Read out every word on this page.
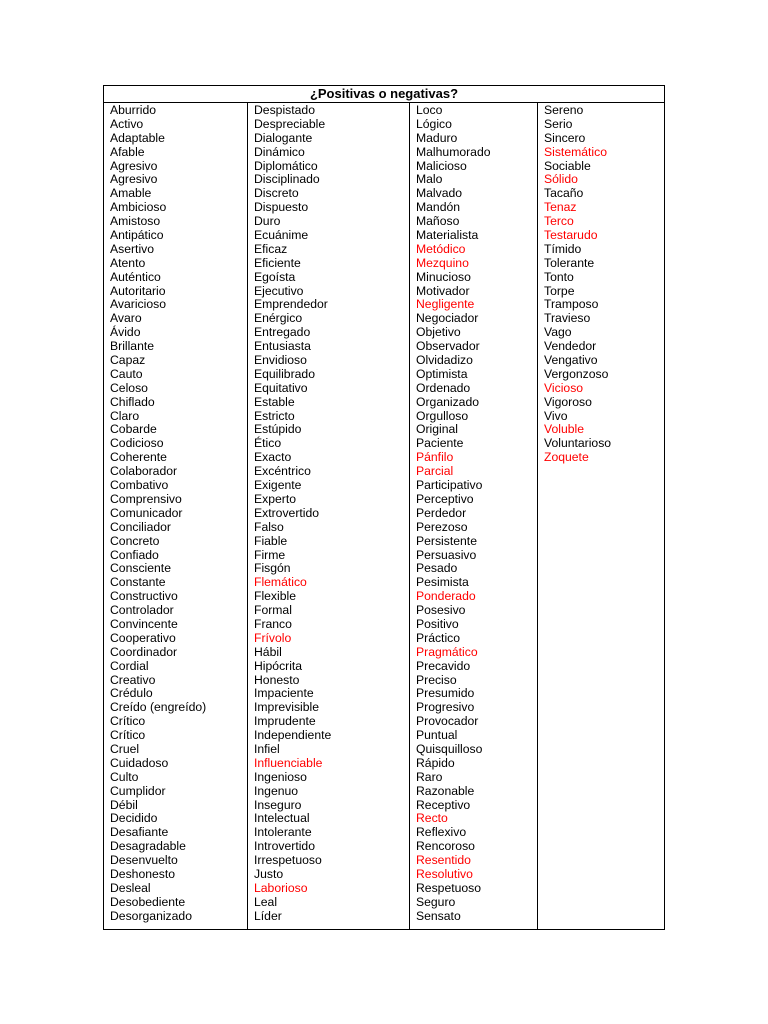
¿Positivas o negativas?
Aburrido
Activo
Adaptable
Afable
Agresivo
Agresivo
Amable
Ambicioso
Amistoso
Antipático
Asertivo
Atento
Auténtico
Autoritario
Avaricioso
Avaro
Ávido
Brillante
Capaz
Cauto
Celoso
Chiflado
Claro
Cobarde
Codicioso
Coherente
Colaborador
Combativo
Comprensivo
Comunicador
Conciliador
Concreto
Confiado
Consciente
Constante
Constructivo
Controlador
Convincente
Cooperativo
Coordinador
Cordial
Creativo
Crédulo
Creído (engreído)
Crítico
Crítico
Cruel
Cuidadoso
Culto
Cumplidor
Débil
Decidido
Desafiante
Desagradable
Desenvuelto
Deshonesto
Desleal
Desobediente
Desorganizado
Despistado
Despreciable
Dialogante
Dinámico
Diplomático
Disciplinado
Discreto
Dispuesto
Duro
Ecuánime
Eficaz
Eficiente
Egoísta
Ejecutivo
Emprendedor
Enérgico
Entregado
Entusiasta
Envidioso
Equilibrado
Equitativo
Estable
Estricto
Estúpido
Ético
Exacto
Excéntrico
Exigente
Experto
Extrovertido
Falso
Fiable
Firme
Fisgón
Flemático
Flexible
Formal
Franco
Frívolo
Hábil
Hipócrita
Honesto
Impaciente
Imprevisible
Imprudente
Independiente
Infiel
Influenciable
Ingenioso
Ingenuo
Inseguro
Intelectual
Intolerante
Introvertido
Irrespetuoso
Justo
Laborioso
Leal
Líder
Loco
Lógico
Maduro
Malhumorado
Malicioso
Malo
Malvado
Mandón
Mañoso
Materialista
Metódico
Mezquino
Minucioso
Motivador
Negligente
Negociador
Objetivo
Observador
Olvidadizo
Optimista
Ordenado
Organizado
Orgulloso
Original
Paciente
Pánfilo
Parcial
Participativo
Perceptivo
Perdedor
Perezoso
Persistente
Persuasivo
Pesado
Pesimista
Ponderado
Posesivo
Positivo
Práctico
Pragmático
Precavido
Preciso
Presumido
Progresivo
Provocador
Puntual
Quisquilloso
Rápido
Raro
Razonable
Receptivo
Recto
Reflexivo
Rencoroso
Resentido
Resolutivo
Respetuoso
Seguro
Sensato
Sereno
Serio
Sincero
Sistemático
Sociable
Sólido
Tacaño
Tenaz
Terco
Testarudo
Tímido
Tolerante
Tonto
Torpe
Tramposo
Travieso
Vago
Vendedor
Vengativo
Vergonzoso
Vicioso
Vigoroso
Vivo
Voluble
Voluntarioso
Zoquete
